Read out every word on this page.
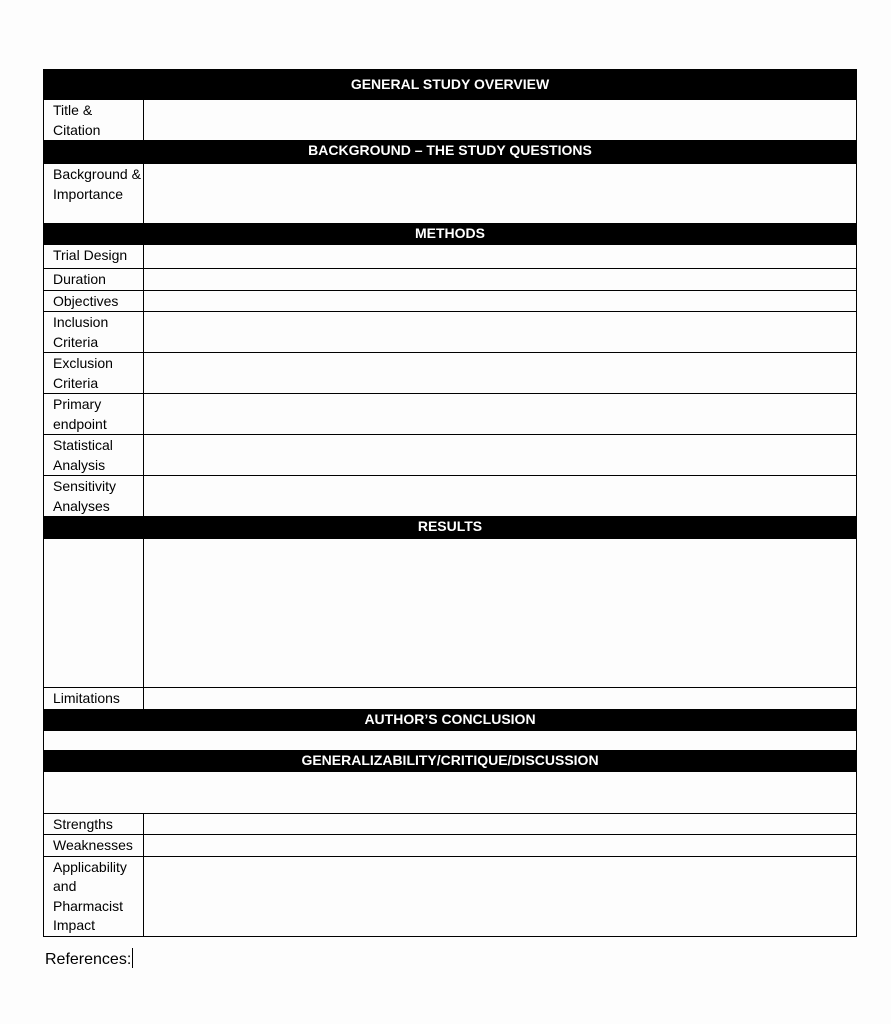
GENERAL STUDY OVERVIEW	
Title & Citation	
BACKGROUND – THE STUDY QUESTIONS	
Background & Importance	
METHODS	
Trial Design	
Duration	
Objectives	
Inclusion Criteria	
Exclusion Criteria	
Primary endpoint	
Statistical Analysis	
Sensitivity Analyses	
RESULTS	

Limitations	
AUTHOR’S CONCLUSION	

GENERALIZABILITY/CRITIQUE/DISCUSSION	

Strengths	
Weaknesses	
Applicability and Pharmacist Impact	
References:
